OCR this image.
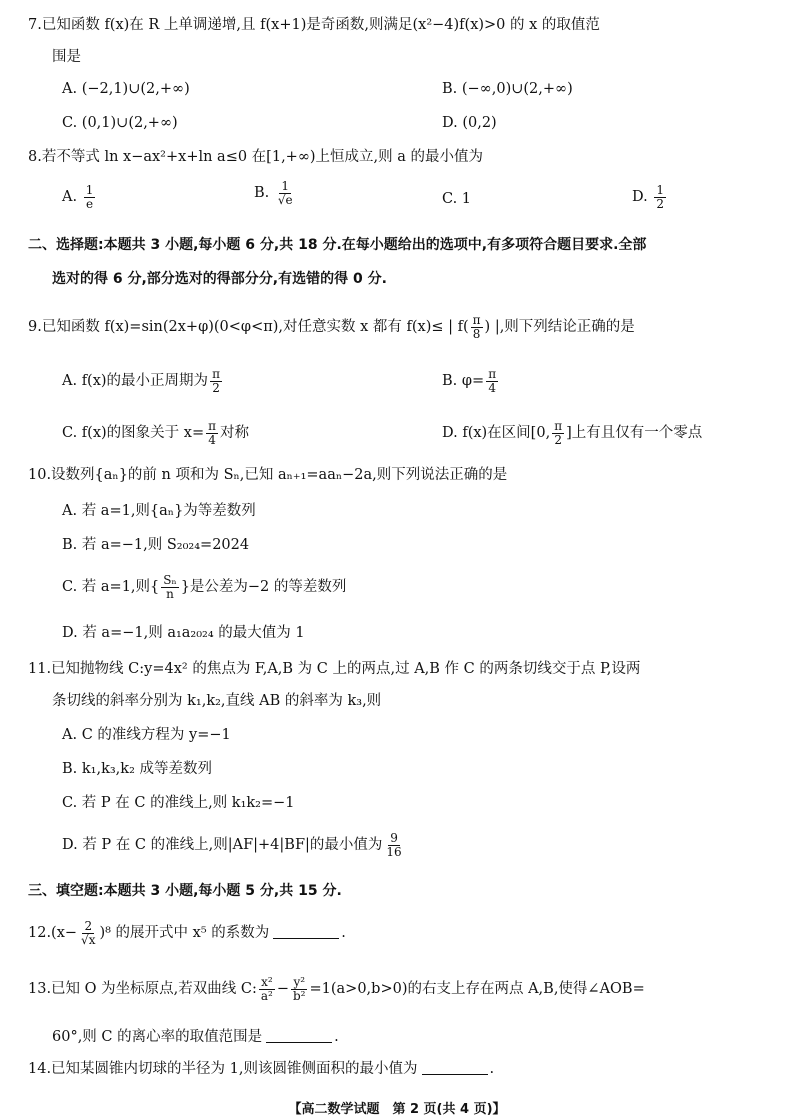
7.已知函数 f(x)在 R 上单调递增,且 f(x+1)是奇函数,则满足(x²−4)f(x)>0 的 x 的取值范
围是
A. (−2,1)∪(2,+∞)	B. (−∞,0)∪(2,+∞)
C. (0,1)∪(2,+∞)	D. (0,2)
8.若不等式 ln x−ax²+x+ln a≤0 在[1,+∞)上恒成立,则 a 的最小值为
A. $\frac{1}{e}$	B. $\frac{1}{√e}$	C. 1	D. $\frac{1}{2}$
二、选择题:本题共 3 小题,每小题 6 分,共 18 分.在每小题给出的选项中,有多项符合题目要求.全部
选对的得 6 分,部分选对的得部分分,有选错的得 0 分.
9.已知函数 f(x)=sin(2x+φ)(0<φ<π),对任意实数 x 都有 f(x)≤ | $f( \frac{\pi}{8}$ ) |,则下列结论正确的是
A. f(x)的最小正周期为 $\frac{\pi}{2}$	B. $\varphi= \frac{\pi}{4}$
C. f(x)的图象关于 $x= \frac{\pi}{4}$ 对称	D. f(x)在区间[0, $\frac{\pi}{2}$ ]上有且仅有一个零点
10.设数列{aₙ}的前 n 项和为 Sₙ,已知 aₙ₊₁=aaₙ−2a,则下列说法正确的是
A. 若 a=1,则{aₙ}为等差数列
B. 若 a=−1,则 S₂₀₂₄=2024
C. 若 a=1,则{ $\frac{\text{Sₙ}}{n}$ }是公差为−2 的等差数列
D. 若 a=−1,则 a₁a₂₀₂₄ 的最大值为 1
11.已知抛物线 C:y=4x² 的焦点为 F,A,B 为 C 上的两点,过 A,B 作 C 的两条切线交于点 P,设两
条切线的斜率分别为 k₁,k₂,直线 AB 的斜率为 k₃,则
A. C 的准线方程为 y=−1
B. k₁,k₃,k₂ 成等差数列
C. 若 P 在 C 的准线上,则 k₁k₂=−1
D. 若 P 在 C 的准线上,则|AF|+4|BF|的最小值为 $\frac{9}{16}$
三、填空题:本题共 3 小题,每小题 5 分,共 15 分.
$12.(x- \frac{2}{√x} )^8$ 的展开式中 x⁵ 的系数为	.
13.已知 O 为坐标原点,若双曲线 C: $\frac{\text{x²}}{\text{a²}} - \frac{\text{y²}}{\text{b²}} =1(a>0,b>0)$的右支上存在两点 A,B,使得∠AOB=
60°,则 C 的离心率的取值范围是	.
14.已知某圆锥内切球的半径为 1,则该圆锥侧面积的最小值为	.
【高二数学试题　第 2 页(共 4 页)】
